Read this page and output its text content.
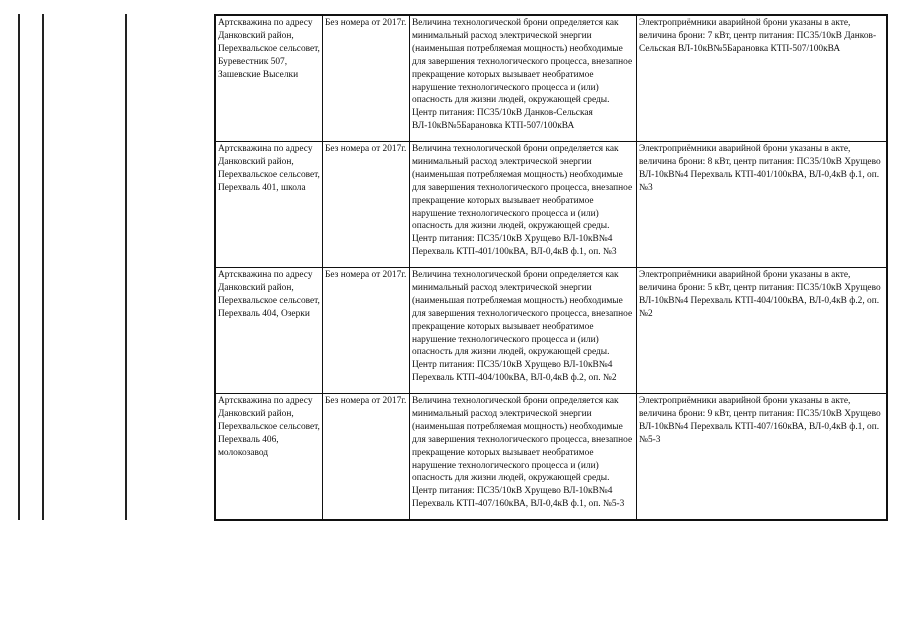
Артскважина по адресу Данковский район, Перехвальское сельсовет, Буревестник 507, Зашевские Выселки	Без номера от 2017г.	Величина технологической брони определяется как минимальный расход электрической энергии (наименьшая потребляемая мощность) необходимые для завершения технологического процесса, внезапное прекращение которых вызывает необратимое нарушение технологического процесса и (или) опасность для жизни людей, окружающей среды. Центр питания: ПС35/10кВ Данков-Сельская ВЛ-10кВ№5Барановка КТП-507/100кВА	Электроприёмники аварийной брони указаны в акте, величина брони: 7 кВт, центр питания: ПС35/10кВ Данков-Сельская ВЛ-10кВ№5Барановка КТП-507/100кВА
Артскважина по адресу Данковский район, Перехвальское сельсовет, Перехваль 401, школа	Без номера от 2017г.	Величина технологической брони определяется как минимальный расход электрической энергии (наименьшая потребляемая мощность) необходимые для завершения технологического процесса, внезапное прекращение которых вызывает необратимое нарушение технологического процесса и (или) опасность для жизни людей, окружающей среды. Центр питания: ПС35/10кВ Хрущево ВЛ-10кВ№4 Перехваль КТП-401/100кВА, ВЛ-0,4кВ ф.1, оп. №3	Электроприёмники аварийной брони указаны в акте, величина брони: 8 кВт, центр питания: ПС35/10кВ Хрущево ВЛ-10кВ№4 Перехваль КТП-401/100кВА, ВЛ-0,4кВ ф.1, оп. №3
Артскважина по адресу Данковский район, Перехвальское сельсовет, Перехваль 404, Озерки	Без номера от 2017г.	Величина технологической брони определяется как минимальный расход электрической энергии (наименьшая потребляемая мощность) необходимые для завершения технологического процесса, внезапное прекращение которых вызывает необратимое нарушение технологического процесса и (или) опасность для жизни людей, окружающей среды. Центр питания: ПС35/10кВ Хрущево ВЛ-10кВ№4 Перехваль КТП-404/100кВА, ВЛ-0,4кВ ф.2, оп. №2	Электроприёмники аварийной брони указаны в акте, величина брони: 5 кВт, центр питания: ПС35/10кВ Хрущево ВЛ-10кВ№4 Перехваль КТП-404/100кВА, ВЛ-0,4кВ ф.2, оп. №2
Артскважина по адресу Данковский район, Перехвальское сельсовет, Перехваль 406, молокозавод	Без номера от 2017г.	Величина технологической брони определяется как минимальный расход электрической энергии (наименьшая потребляемая мощность) необходимые для завершения технологического процесса, внезапное прекращение которых вызывает необратимое нарушение технологического процесса и (или) опасность для жизни людей, окружающей среды. Центр питания: ПС35/10кВ Хрущево ВЛ-10кВ№4 Перехваль КТП-407/160кВА, ВЛ-0,4кВ ф.1, оп. №5-3	Электроприёмники аварийной брони указаны в акте, величина брони: 9 кВт, центр питания: ПС35/10кВ Хрущево ВЛ-10кВ№4 Перехваль КТП-407/160кВА, ВЛ-0,4кВ ф.1, оп. №5-3
